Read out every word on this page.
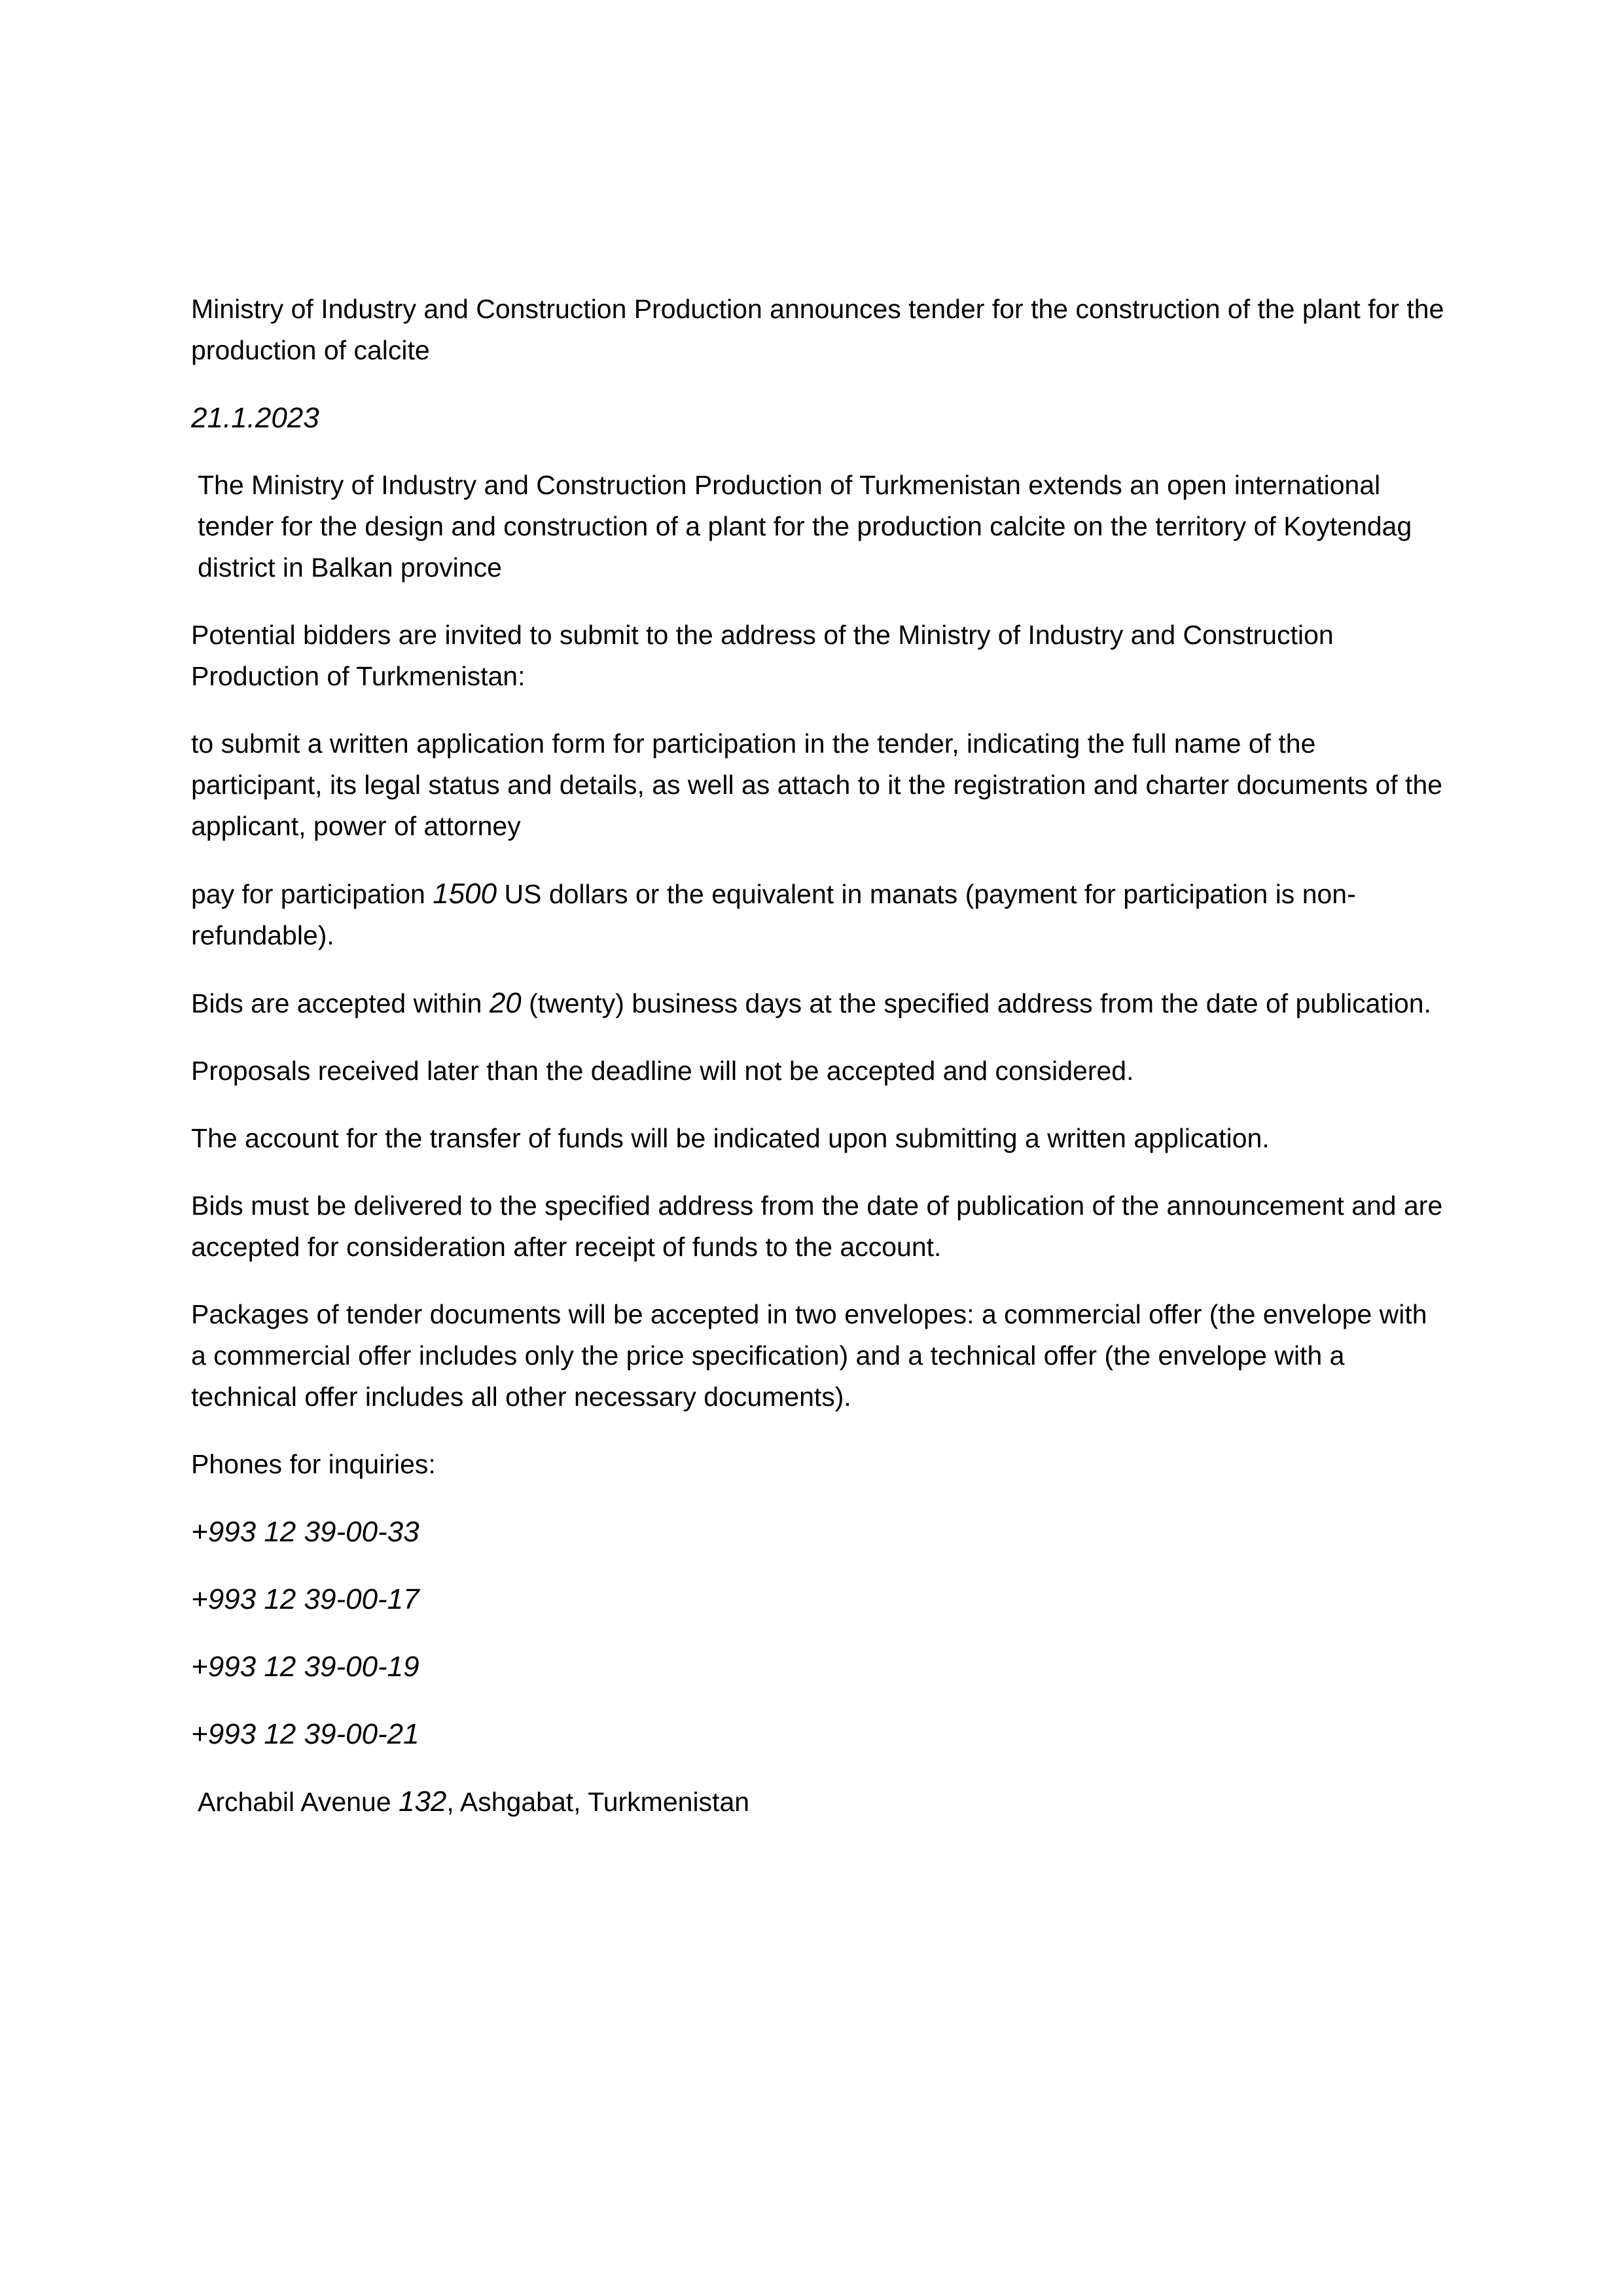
Ministry of Industry and Construction Production announces tender for the construction of the plant for the production of calcite

21.1.2023

The Ministry of Industry and Construction Production of Turkmenistan extends an open international tender for the design and construction of a plant for the production calcite on the territory of Koytendag district in Balkan province

Potential bidders are invited to submit to the address of the Ministry of Industry and Construction Production of Turkmenistan:

to submit a written application form for participation in the tender, indicating the full name of the participant, its legal status and details, as well as attach to it the registration and charter documents of the applicant, power of attorney

pay for participation 1500 US dollars or the equivalent in manats (payment for participation is non-refundable).

Bids are accepted within 20 (twenty) business days at the specified address from the date of publication.

Proposals received later than the deadline will not be accepted and considered.

The account for the transfer of funds will be indicated upon submitting a written application.

Bids must be delivered to the specified address from the date of publication of the announcement and are accepted for consideration after receipt of funds to the account.

Packages of tender documents will be accepted in two envelopes: a commercial offer (the envelope with a commercial offer includes only the price specification) and a technical offer (the envelope with a technical offer includes all other necessary documents).

Phones for inquiries:

+993 12 39-00-33

+993 12 39-00-17

+993 12 39-00-19

+993 12 39-00-21

Archabil Avenue 132, Ashgabat, Turkmenistan
